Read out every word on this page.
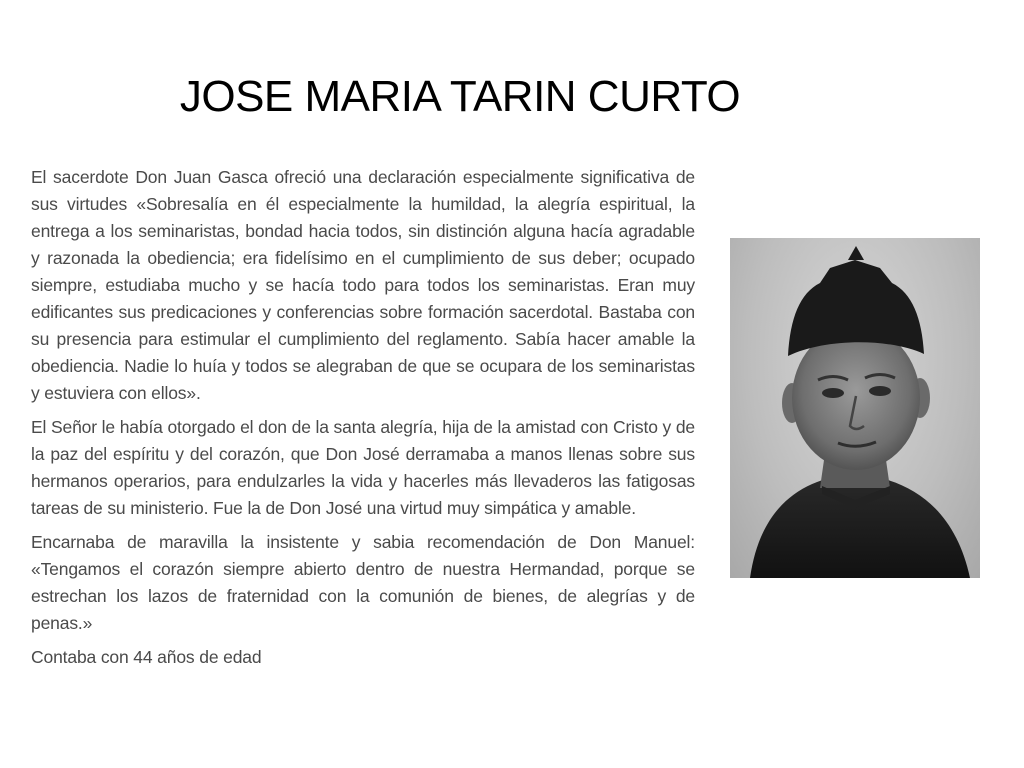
JOSE MARIA TARIN CURTO

El sacerdote Don Juan Gasca ofreció una declaración especialmente significativa de sus virtudes «Sobresalía en él especialmente la humildad, la alegría espiritual, la entrega a los seminaristas, bondad hacia todos, sin distinción alguna hacía agradable y razonada la obediencia; era fidelísimo en el cumplimiento de sus deber; ocupado siempre, estudiaba mucho y se hacía todo para todos los seminaristas. Eran muy edificantes sus predicaciones y conferencias sobre formación sacerdotal. Bastaba con su presencia para estimular el cumplimiento del reglamento. Sabía hacer amable la obediencia. Nadie lo huía y todos se alegraban de que se ocupara de los seminaristas y estuviera con ellos».

El Señor le había otorgado el don de la santa alegría, hija de la amistad con Cristo y de la paz del espíritu y del corazón, que Don José derramaba a manos llenas sobre sus hermanos operarios, para endulzarles la vida y hacerles más llevaderos las fatigosas tareas de su ministerio. Fue la de Don José una virtud muy simpática y amable.

Encarnaba de maravilla la insistente y sabia recomendación de Don Manuel: «Tengamos el corazón siempre abierto dentro de nuestra Hermandad, porque se estrechan los lazos de fraternidad con la comunión de bienes, de alegrías y de penas.»

Contaba con 44 años de edad
